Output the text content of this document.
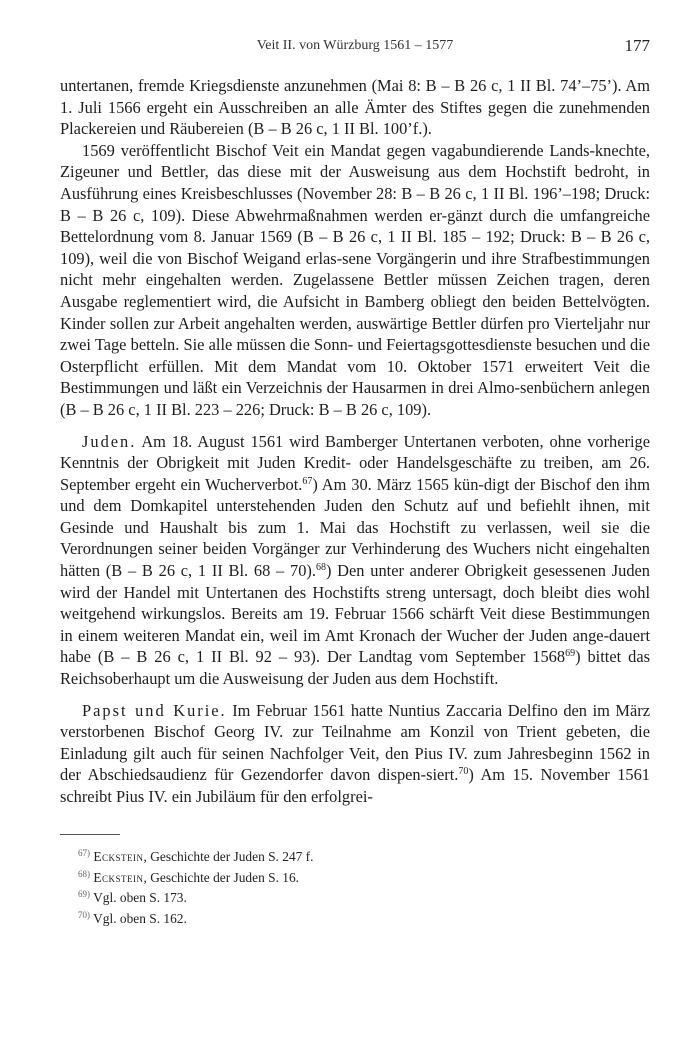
Veit II. von Würzburg 1561 – 1577	177

untertanen, fremde Kriegsdienste anzunehmen (Mai 8: B – B 26 c, 1 II Bl. 74’–75’). Am 1. Juli 1566 ergeht ein Ausschreiben an alle Ämter des Stiftes gegen die zunehmenden Plackereien und Räubereien (B – B 26 c, 1 II Bl. 100’f.).

1569 veröffentlicht Bischof Veit ein Mandat gegen vagabundierende Lands-knechte, Zigeuner und Bettler, das diese mit der Ausweisung aus dem Hochstift bedroht, in Ausführung eines Kreisbeschlusses (November 28: B – B 26 c, 1 II Bl. 196’–198; Druck: B – B 26 c, 109). Diese Abwehrmaßnahmen werden er-gänzt durch die umfangreiche Bettelordnung vom 8. Januar 1569 (B – B 26 c, 1 II Bl. 185 – 192; Druck: B – B 26 c, 109), weil die von Bischof Weigand erlas-sene Vorgängerin und ihre Strafbestimmungen nicht mehr eingehalten werden. Zugelassene Bettler müssen Zeichen tragen, deren Ausgabe reglementiert wird, die Aufsicht in Bamberg obliegt den beiden Bettelvögten. Kinder sollen zur Arbeit angehalten werden, auswärtige Bettler dürfen pro Vierteljahr nur zwei Tage betteln. Sie alle müssen die Sonn- und Feiertagsgottesdienste besuchen und die Osterpflicht erfüllen. Mit dem Mandat vom 10. Oktober 1571 erweitert Veit die Bestimmungen und läßt ein Verzeichnis der Hausarmen in drei Almo-senbüchern anlegen (B – B 26 c, 1 II Bl. 223 – 226; Druck: B – B 26 c, 109).

Juden. Am 18. August 1561 wird Bamberger Untertanen verboten, ohne vorherige Kenntnis der Obrigkeit mit Juden Kredit- oder Handelsgeschäfte zu treiben, am 26. September ergeht ein Wucherverbot.$^{67}$) Am 30. März 1565 kün-digt der Bischof den ihm und dem Domkapitel unterstehenden Juden den Schutz auf und befiehlt ihnen, mit Gesinde und Haushalt bis zum 1. Mai das Hochstift zu verlassen, weil sie die Verordnungen seiner beiden Vorgänger zur Verhinderung des Wuchers nicht eingehalten hätten (B – B 26 c, 1 II Bl. 68 – 70).$^{68}$) Den unter anderer Obrigkeit gesessenen Juden wird der Handel mit Untertanen des Hochstifts streng untersagt, doch bleibt dies wohl weitgehend wirkungslos. Bereits am 19. Februar 1566 schärft Veit diese Bestimmungen in einem weiteren Mandat ein, weil im Amt Kronach der Wucher der Juden ange-dauert habe (B – B 26 c, 1 II Bl. 92 – 93). Der Landtag vom September 1568$^{69}$) bittet das Reichsoberhaupt um die Ausweisung der Juden aus dem Hochstift.

Papst und Kurie. Im Februar 1561 hatte Nuntius Zaccaria Delfino den im März verstorbenen Bischof Georg IV. zur Teilnahme am Konzil von Trient gebeten, die Einladung gilt auch für seinen Nachfolger Veit, den Pius IV. zum Jahresbeginn 1562 in der Abschiedsaudienz für Gezendorfer davon dispen-siert.$^{70}$) Am 15. November 1561 schreibt Pius IV. ein Jubiläum für den erfolgrei-

$^{67)}$ Eckstein, Geschichte der Juden S. 247 f.
$^{68)}$ Eckstein, Geschichte der Juden S. 16.
$^{69)}$ Vgl. oben S. 173.
$^{70)}$ Vgl. oben S. 162.
